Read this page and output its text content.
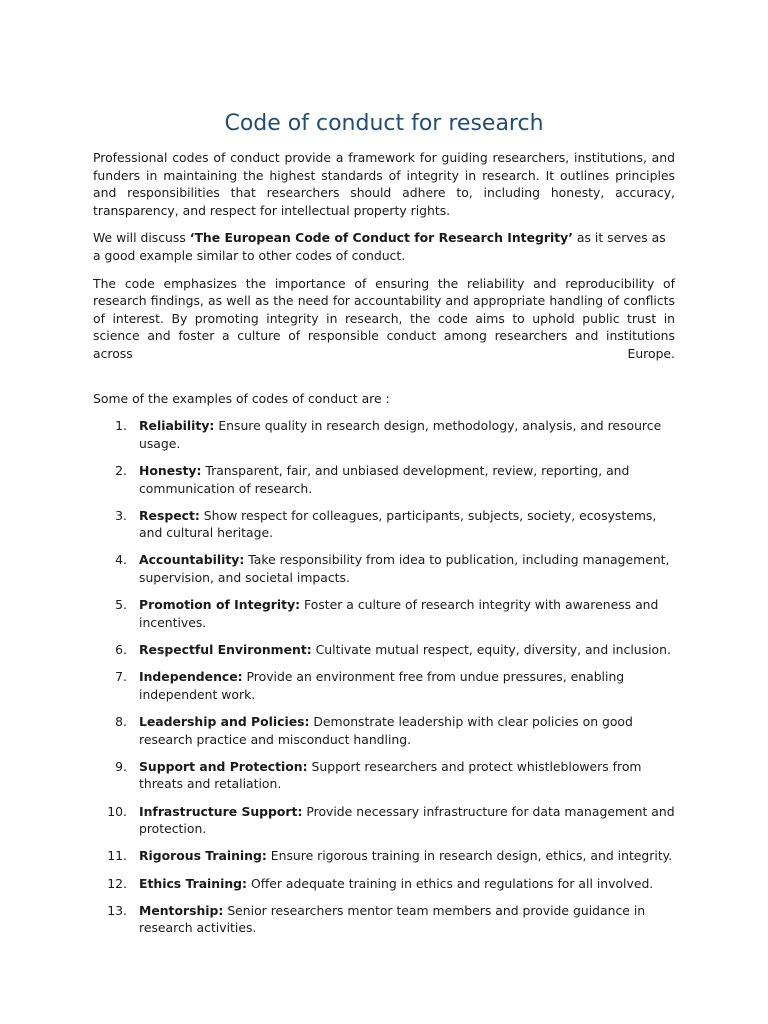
Code of conduct for research

Professional codes of conduct provide a framework for guiding researchers, institutions, and funders in maintaining the highest standards of integrity in research. It outlines principles and responsibilities that researchers should adhere to, including honesty, accuracy, transparency, and respect for intellectual property rights.

We will discuss ‘The European Code of Conduct for Research Integrity’ as it serves as a good example similar to other codes of conduct.

The code emphasizes the importance of ensuring the reliability and reproducibility of research findings, as well as the need for accountability and appropriate handling of conflicts of interest. By promoting integrity in research, the code aims to uphold public trust in science and foster a culture of responsible conduct among researchers and institutions across Europe.

Some of the examples of codes of conduct are :

1. Reliability: Ensure quality in research design, methodology, analysis, and resource usage.
2. Honesty: Transparent, fair, and unbiased development, review, reporting, and communication of research.
3. Respect: Show respect for colleagues, participants, subjects, society, ecosystems, and cultural heritage.
4. Accountability: Take responsibility from idea to publication, including management, supervision, and societal impacts.
5. Promotion of Integrity: Foster a culture of research integrity with awareness and incentives.
6. Respectful Environment: Cultivate mutual respect, equity, diversity, and inclusion.
7. Independence: Provide an environment free from undue pressures, enabling independent work.
8. Leadership and Policies: Demonstrate leadership with clear policies on good research practice and misconduct handling.
9. Support and Protection: Support researchers and protect whistleblowers from threats and retaliation.
10. Infrastructure Support: Provide necessary infrastructure for data management and protection.
11. Rigorous Training: Ensure rigorous training in research design, ethics, and integrity.
12. Ethics Training: Offer adequate training in ethics and regulations for all involved.
13. Mentorship: Senior researchers mentor team members and provide guidance in research activities.
